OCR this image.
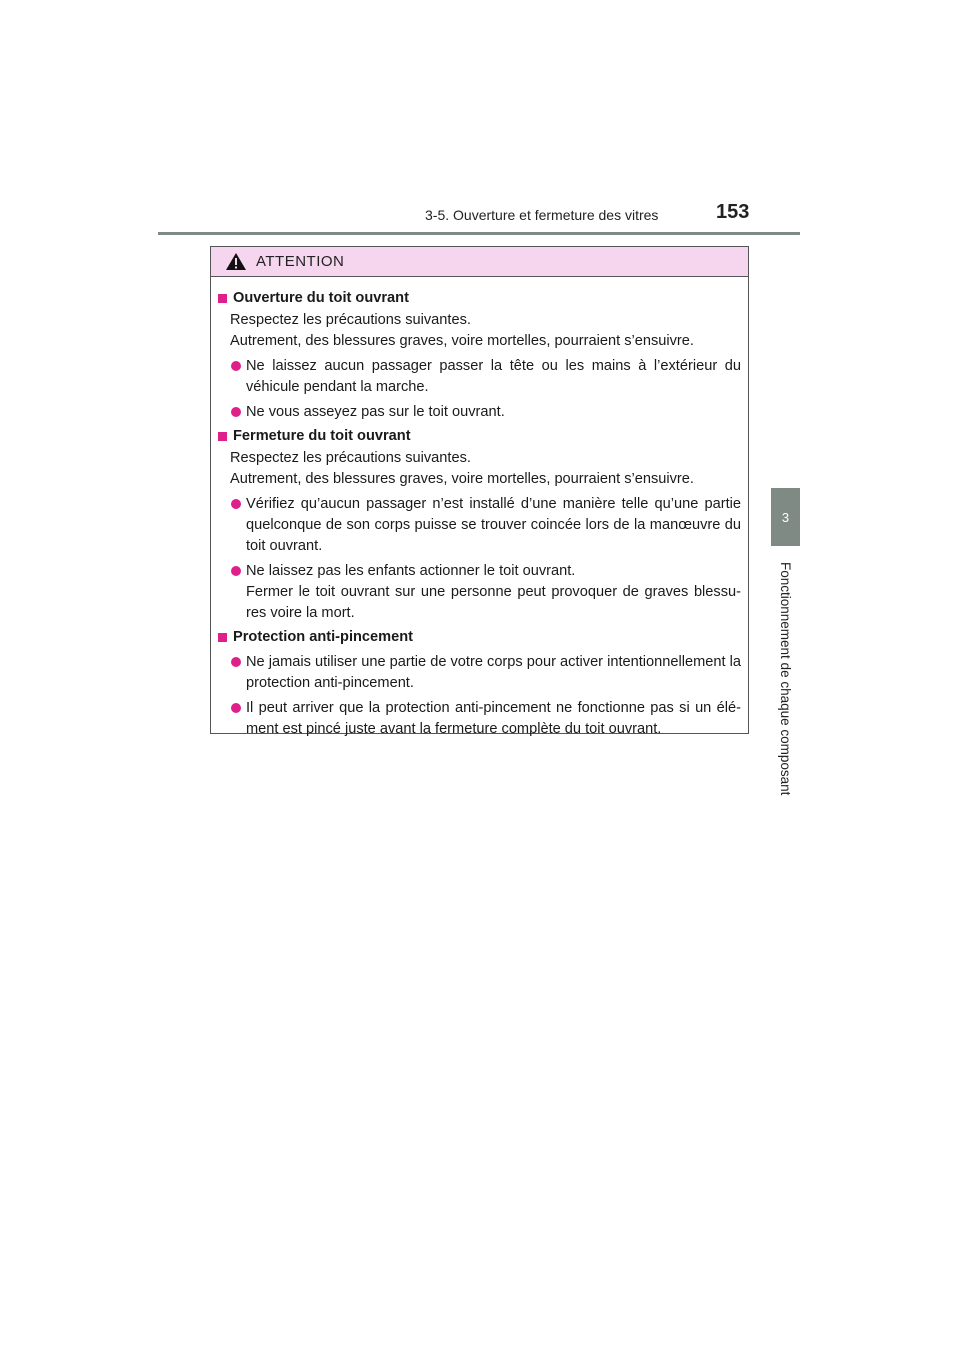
3-5. Ouverture et fermeture des vitres	153
3
Fonctionnement de chaque composant
ATTENTION
Ouverture du toit ouvrant
Respectez les précautions suivantes.
Autrement, des blessures graves, voire mortelles, pourraient s’ensuivre.
Ne laissez aucun passager passer la tête ou les mains à l’extérieur du véhicule pendant la marche.
Ne vous asseyez pas sur le toit ouvrant.
Fermeture du toit ouvrant
Respectez les précautions suivantes.
Autrement, des blessures graves, voire mortelles, pourraient s’ensuivre.
Vérifiez qu’aucun passager n’est installé d’une manière telle qu’une partie quelconque de son corps puisse se trouver coincée lors de la manœuvre du toit ouvrant.
Ne laissez pas les enfants actionner le toit ouvrant.
Fermer le toit ouvrant sur une personne peut provoquer de graves blessu-res voire la mort.
Protection anti-pincement
Ne jamais utiliser une partie de votre corps pour activer intentionnellement la protection anti-pincement.
Il peut arriver que la protection anti-pincement ne fonctionne pas si un élé-ment est pincé juste avant la fermeture complète du toit ouvrant.
